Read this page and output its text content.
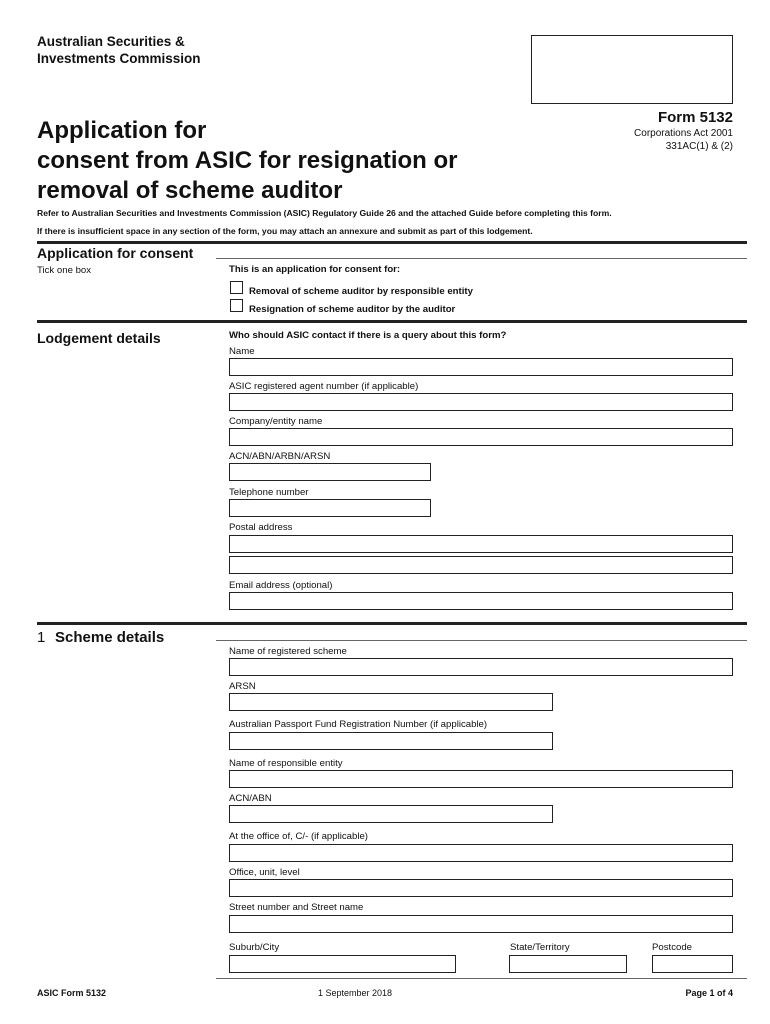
Australian Securities &
Investments Commission
Form 5132
Corporations Act 2001
331AC(1) & (2)
Application for
consent from ASIC for resignation or
removal of scheme auditor
Refer to Australian Securities and Investments Commission (ASIC) Regulatory Guide 26 and the attached Guide before completing this form.
If there is insufficient space in any section of the form, you may attach an annexure and submit as part of this lodgement.
Application for consent
Tick one box	This is an application for consent for:
Removal of scheme auditor by responsible entity
Resignation of scheme auditor by the auditor
Lodgement details	Who should ASIC contact if there is a query about this form?
Name
ASIC registered agent number (if applicable)
Company/entity name
ACN/ABN/ARBN/ARSN
Telephone number
Postal address
Email address (optional)
1 Scheme details
Name of registered scheme
ARSN
Australian Passport Fund Registration Number (if applicable)
Name of responsible entity
ACN/ABN
At the office of, C/- (if applicable)
Office, unit, level
Street number and Street name
Suburb/City	State/Territory	Postcode
ASIC Form 5132	1 September 2018	Page 1 of 4
